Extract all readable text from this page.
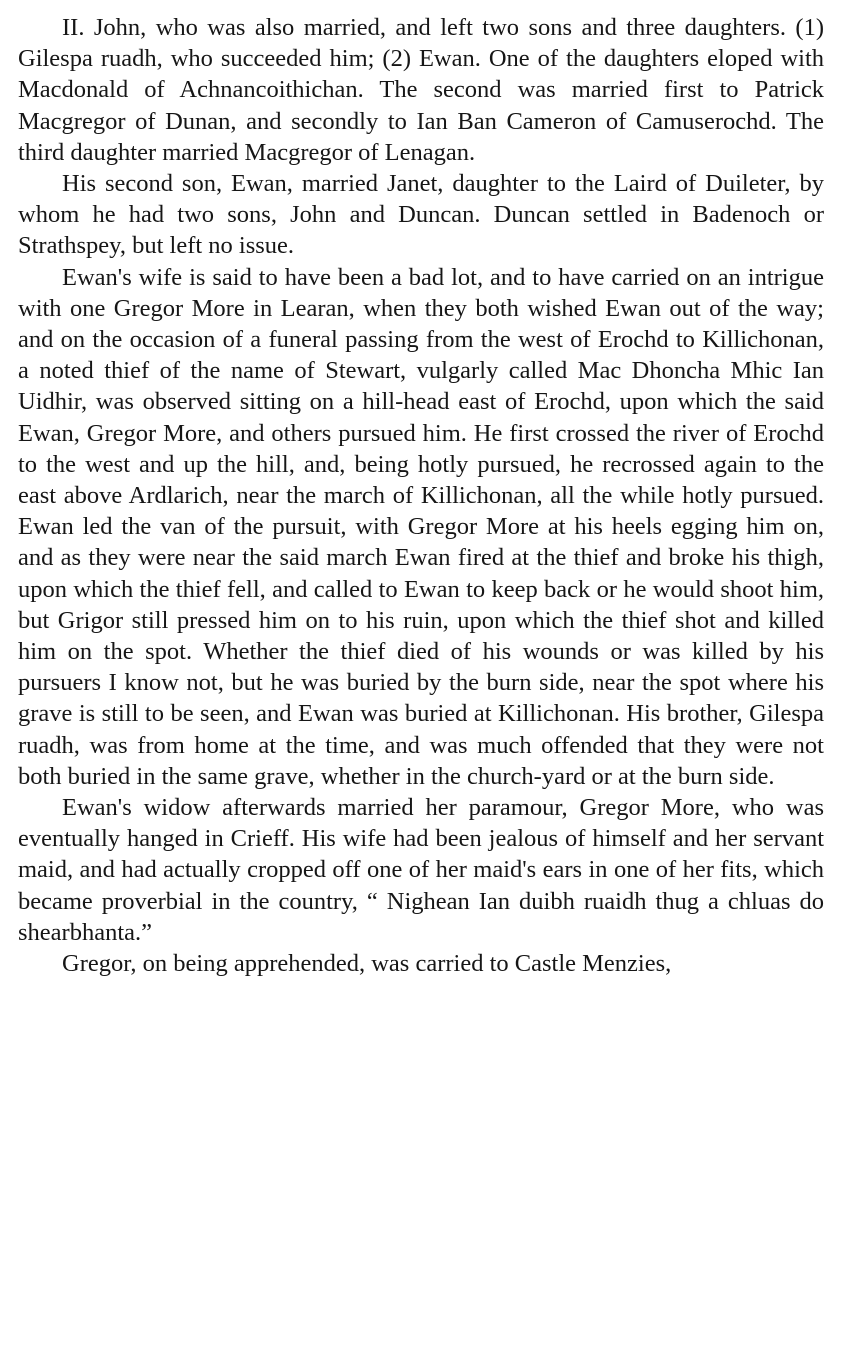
II. John, who was also married, and left two sons and three daughters. (1) Gilespa ruadh, who succeeded him; (2) Ewan. One of the daughters eloped with Macdonald of Achnancoithichan. The second was married first to Patrick Macgregor of Dunan, and secondly to Ian Ban Cameron of Camuserochd. The third daughter married Macgregor of Lenagan.

His second son, Ewan, married Janet, daughter to the Laird of Duileter, by whom he had two sons, John and Duncan. Duncan settled in Badenoch or Strathspey, but left no issue.

Ewan's wife is said to have been a bad lot, and to have carried on an intrigue with one Gregor More in Learan, when they both wished Ewan out of the way; and on the occasion of a funeral passing from the west of Erochd to Killichonan, a noted thief of the name of Stewart, vulgarly called Mac Dhoncha Mhic Ian Uidhir, was observed sitting on a hill-head east of Erochd, upon which the said Ewan, Gregor More, and others pursued him. He first crossed the river of Erochd to the west and up the hill, and, being hotly pursued, he recrossed again to the east above Ardlarich, near the march of Killichonan, all the while hotly pursued. Ewan led the van of the pursuit, with Gregor More at his heels egging him on, and as they were near the said march Ewan fired at the thief and broke his thigh, upon which the thief fell, and called to Ewan to keep back or he would shoot him, but Grigor still pressed him on to his ruin, upon which the thief shot and killed him on the spot. Whether the thief died of his wounds or was killed by his pursuers I know not, but he was buried by the burn side, near the spot where his grave is still to be seen, and Ewan was buried at Killichonan. His brother, Gilespa ruadh, was from home at the time, and was much offended that they were not both buried in the same grave, whether in the church-yard or at the burn side.

Ewan's widow afterwards married her paramour, Gregor More, who was eventually hanged in Crieff. His wife had been jealous of himself and her servant maid, and had actually cropped off one of her maid's ears in one of her fits, which became proverbial in the country, “ Nighean Ian duibh ruaidh thug a chluas do shearbhanta.”

Gregor, on being apprehended, was carried to Castle Menzies,
